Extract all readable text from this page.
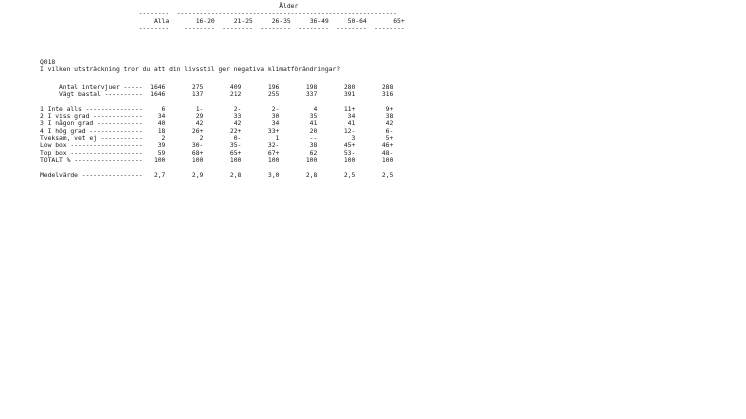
Ålder
--------  ----------------------------------------------------------
Alla       16-20     21-25     26-35     36-49     50-64       65+
--------    --------  --------  --------  --------  --------  --------
Q018
I vilken utsträckning tror du att din livsstil ger negativa klimatförändringar?
Antal intervjuer -----  1646       275       409       196       198       280       288
Vägt bastal ----------  1646       137       212       255       337       391       316

1 Inte alls ---------------     6        1-        2-        2-         4       11+        9+
2 I viss grad -------------    34        29        33        30        35        34        38
3 I någon grad ------------    40        42        42        34        41        41        42
4 I hög grad --------------    18       26+       22+       33+        20       12-        6-
Tveksam, vet ej -----------     2         2        0-         1        --         3        5+
Low box -------------------    39       30-       35-       32-        38       45+       46+
Top box -------------------    59       68+       65+       67+        62       53-       48-
TOTALT % ------------------   100       100       100       100       100       100       100

Medelvärde ----------------   2,7       2,9       2,8       3,0       2,8       2,5       2,5
